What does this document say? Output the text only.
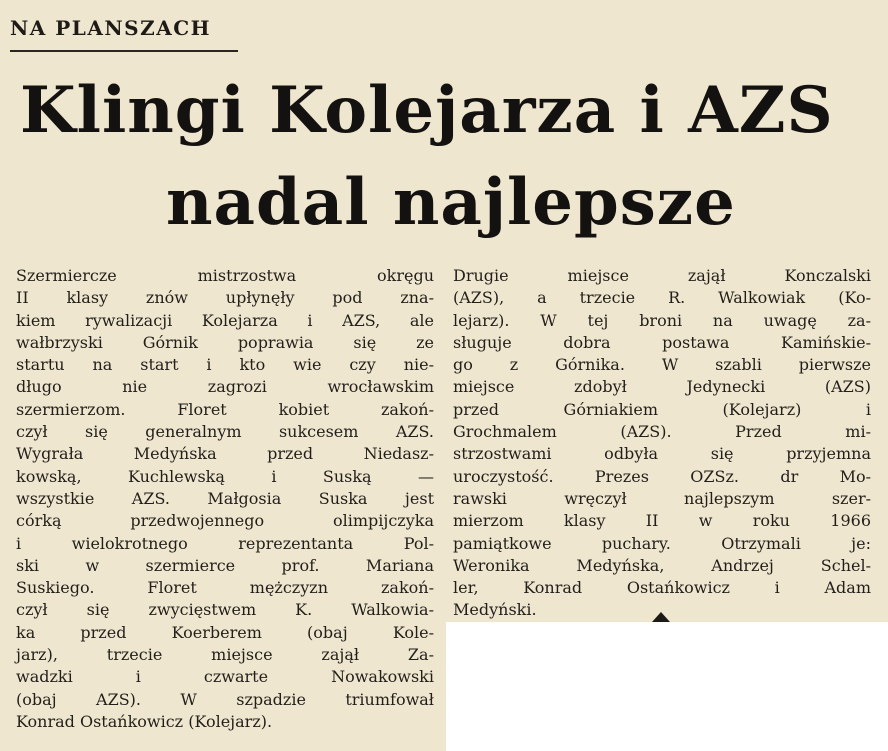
NA PLANSZACH
Klingi Kolejarza i AZS
nadal najlepsze
Szermiercze mistrzostwa okręgu
II klasy znów upłynęły pod zna-
kiem rywalizacji Kolejarza i AZS, ale
wałbrzyski Górnik poprawia się ze
startu na start i kto wie czy nie-
długo nie zagrozi wrocławskim
szermierzom. Floret kobiet zakoń-
czył się generalnym sukcesem AZS.
Wygrała Medyńska przed Niedasz-
kowską, Kuchlewską i Suską —
wszystkie AZS. Małgosia Suska jest
córką przedwojennego olimpijczyka
i wielokrotnego reprezentanta Pol-
ski w szermierce prof. Mariana
Suskiego. Floret mężczyzn zakoń-
czył się zwycięstwem K. Walkowia-
ka przed Koerberem (obaj Kole-
jarz), trzecie miejsce zajął Za-
wadzki i czwarte Nowakowski
(obaj AZS). W szpadzie triumfował
Konrad Ostańkowicz (Kolejarz).
Drugie miejsce zajął Konczalski
(AZS), a trzecie R. Walkowiak (Ko-
lejarz). W tej broni na uwagę za-
sługuje dobra postawa Kamińskie-
go z Górnika. W szabli pierwsze
miejsce zdobył Jedynecki (AZS)
przed Górniakiem (Kolejarz) i
Grochmalem (AZS). Przed mi-
strzostwami odbyła się przyjemna
uroczystość. Prezes OZSz. dr Mo-
rawski wręczył najlepszym szer-
mierzom klasy II w roku 1966
pamiątkowe puchary. Otrzymali je:
Weronika Medyńska, Andrzej Schel-
ler, Konrad Ostańkowicz i Adam
Medyński.
